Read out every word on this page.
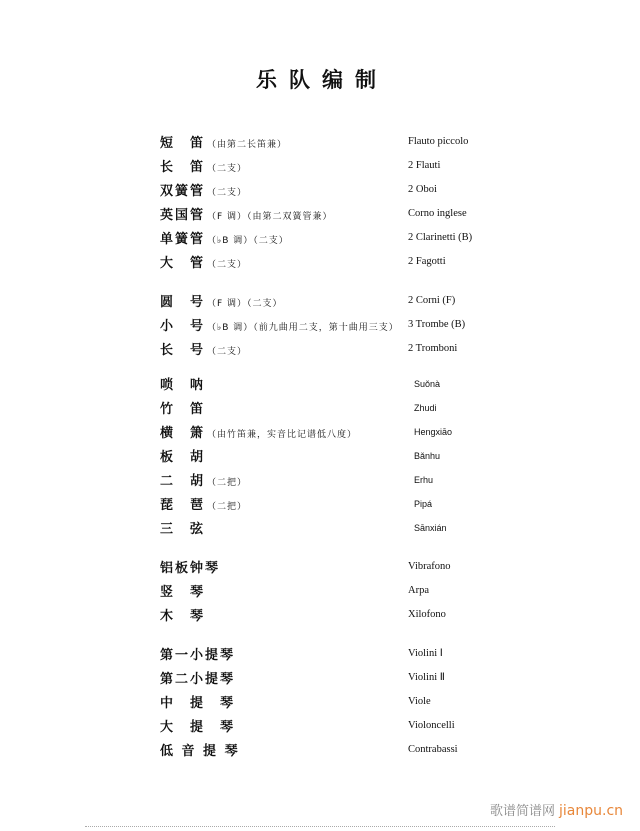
乐队编制
短　笛 （由第二长笛兼）	Flauto piccolo
长　笛 （二支）	2 Flauti
双簧管 （二支）	2 Oboi
英国管 （F 调）（由第二双簧管兼）	Corno inglese
单簧管 （♭B 调）（二支）	2 Clarinetti (B)
大　管 （二支）	2 Fagotti
圆　号 （F 调）（二支）	2 Corni (F)
小　号 （♭B 调）（前九曲用二支，第十曲用三支） 3 Trombe (B)
长　号 （二支）	2 Tromboni
唢　呐	Suǒnà
竹　笛	Zhudi
横　箫 （由竹笛兼，实音比记谱低八度）	Hengxiāo
板　胡	Bǎnhu
二　胡 （二把）	Erhu
琵　琶 （二把）	Pipá
三　弦	Sānxián
铝板钟琴	Vibrafono
竖　琴	Arpa
木　琴	Xilofono
第一小提琴	Violini Ⅰ
第二小提琴	Violini Ⅱ
中　提　琴	Viole
大　提　琴	Violoncelli
低 音 提 琴	Contrabassi
歌谱简谱网 jianpu.cn
